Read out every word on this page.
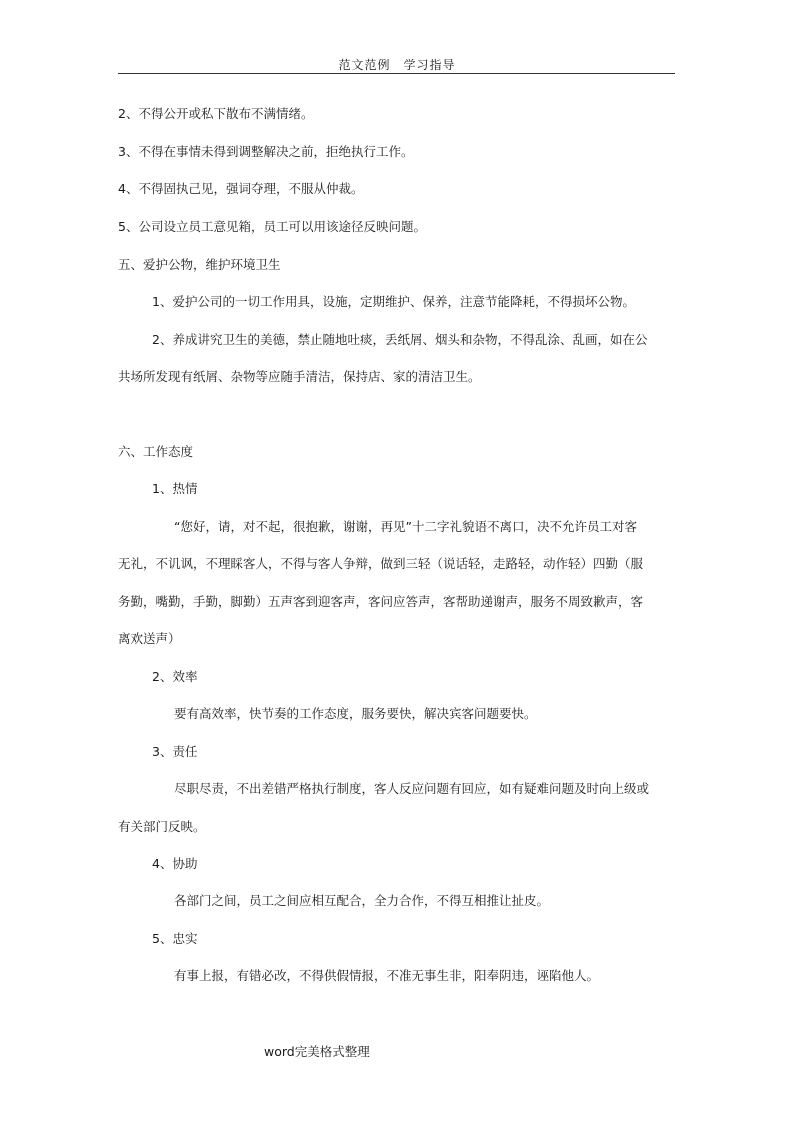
范文范例　学习指导
2、不得公开或私下散布不满情绪。
3、不得在事情未得到调整解决之前，拒绝执行工作。
4、不得固执己见，强词夺理，不服从仲裁。
5、公司设立员工意见箱，员工可以用该途径反映问题。
五、爱护公物，维护环境卫生
1、爱护公司的一切工作用具，设施，定期维护、保养，注意节能降耗，不得损坏公物。
2、养成讲究卫生的美德，禁止随地吐痰，丢纸屑、烟头和杂物，不得乱涂、乱画，如在公
共场所发现有纸屑、杂物等应随手清洁，保持店、家的清洁卫生。
六、工作态度
1、热情
“您好，请，对不起，很抱歉，谢谢，再见”十二字礼貌语不离口，决不允许员工对客
无礼，不讥讽，不理睬客人，不得与客人争辩，做到三轻（说话轻，走路轻，动作轻）四勤（服
务勤，嘴勤，手勤，脚勤）五声客到迎客声，客问应答声，客帮助递谢声，服务不周致歉声，客
离欢送声）
2、效率
要有高效率，快节奏的工作态度，服务要快，解决宾客问题要快。
3、责任
尽职尽责，不出差错严格执行制度，客人反应问题有回应，如有疑难问题及时向上级或
有关部门反映。
4、协助
各部门之间，员工之间应相互配合，全力合作，不得互相推让扯皮。
5、忠实
有事上报，有错必改，不得供假情报，不准无事生非，阳奉阴违，诬陷他人。
word完美格式整理
